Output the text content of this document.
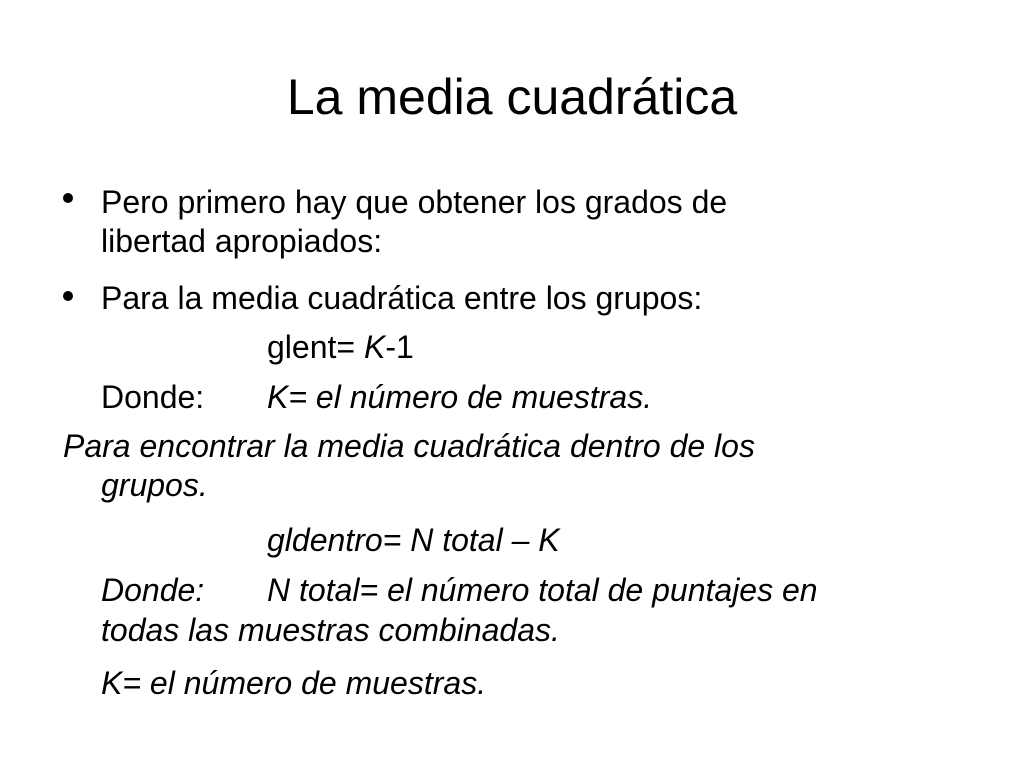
La media cuadrática
Pero primero hay que obtener los grados de
libertad apropiados:
Para la media cuadrática entre los grupos:
glent= K-1
Donde: K= el número de muestras.
Para encontrar la media cuadrática dentro de los
grupos.
gldentro= N total – K
Donde: N total= el número total de puntajes en
todas las muestras combinadas.
K= el número de muestras.
